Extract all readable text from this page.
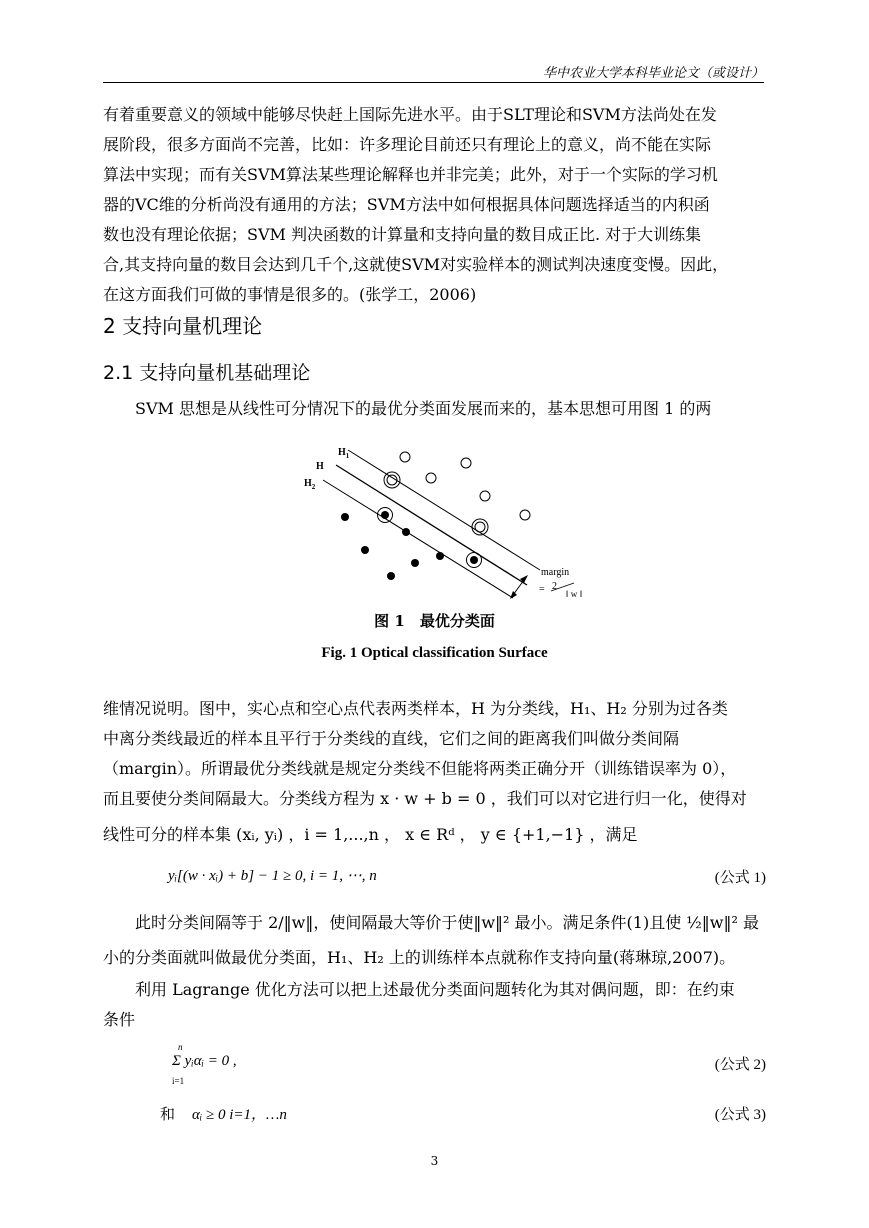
华中农业大学本科毕业论文（或设计）
有着重要意义的领域中能够尽快赶上国际先进水平。由于SLT理论和SVM方法尚处在发
展阶段，很多方面尚不完善，比如：许多理论目前还只有理论上的意义，尚不能在实际
算法中实现；而有关SVM算法某些理论解释也并非完美；此外，对于一个实际的学习机
器的VC维的分析尚没有通用的方法；SVM方法中如何根据具体问题选择适当的内积函
数也没有理论依据；SVM 判决函数的计算量和支持向量的数目成正比. 对于大训练集
合,其支持向量的数目会达到几千个,这就使SVM对实验样本的测试判决速度变慢。因此，
在这方面我们可做的事情是很多的。(张学工，2006)
2 支持向量机理论
2.1 支持向量机基础理论
SVM 思想是从线性可分情况下的最优分类面发展而来的，基本思想可用图 1 的两
$H_1$
H
$H_2$
margin
= 2
‖ w ‖
图 1　最优分类面
Fig. 1 Optical classification Surface
维情况说明。图中，实心点和空心点代表两类样本，H 为分类线，H₁、H₂ 分别为过各类
中离分类线最近的样本且平行于分类线的直线，它们之间的距离我们叫做分类间隔
（margin）。所谓最优分类线就是规定分类线不但能将两类正确分开（训练错误率为 0），
而且要使分类间隔最大。分类线方程为 x · w + b = 0 ，我们可以对它进行归一化，使得对
线性可分的样本集 (xᵢ, yᵢ) ，i = 1,...,n ， x ∈ Rᵈ ， y ∈ {+1,−1} ，满足
yᵢ[(w · xᵢ) + b] − 1 ≥ 0, i = 1, ⋯, n	(公式 1)
此时分类间隔等于 2/‖w‖，使间隔最大等价于使‖w‖² 最小。满足条件(1)且使 ½‖w‖² 最
小的分类面就叫做最优分类面，H₁、H₂ 上的训练样本点就称作支持向量(蒋琳琼,2007)。
利用 Lagrange 优化方法可以把上述最优分类面问题转化为其对偶问题，即：在约束
条件
n
Σ yᵢαᵢ = 0 ,
i=1
(公式 2)
和 αᵢ ≥ 0 i=1，…n	(公式 3)
3
